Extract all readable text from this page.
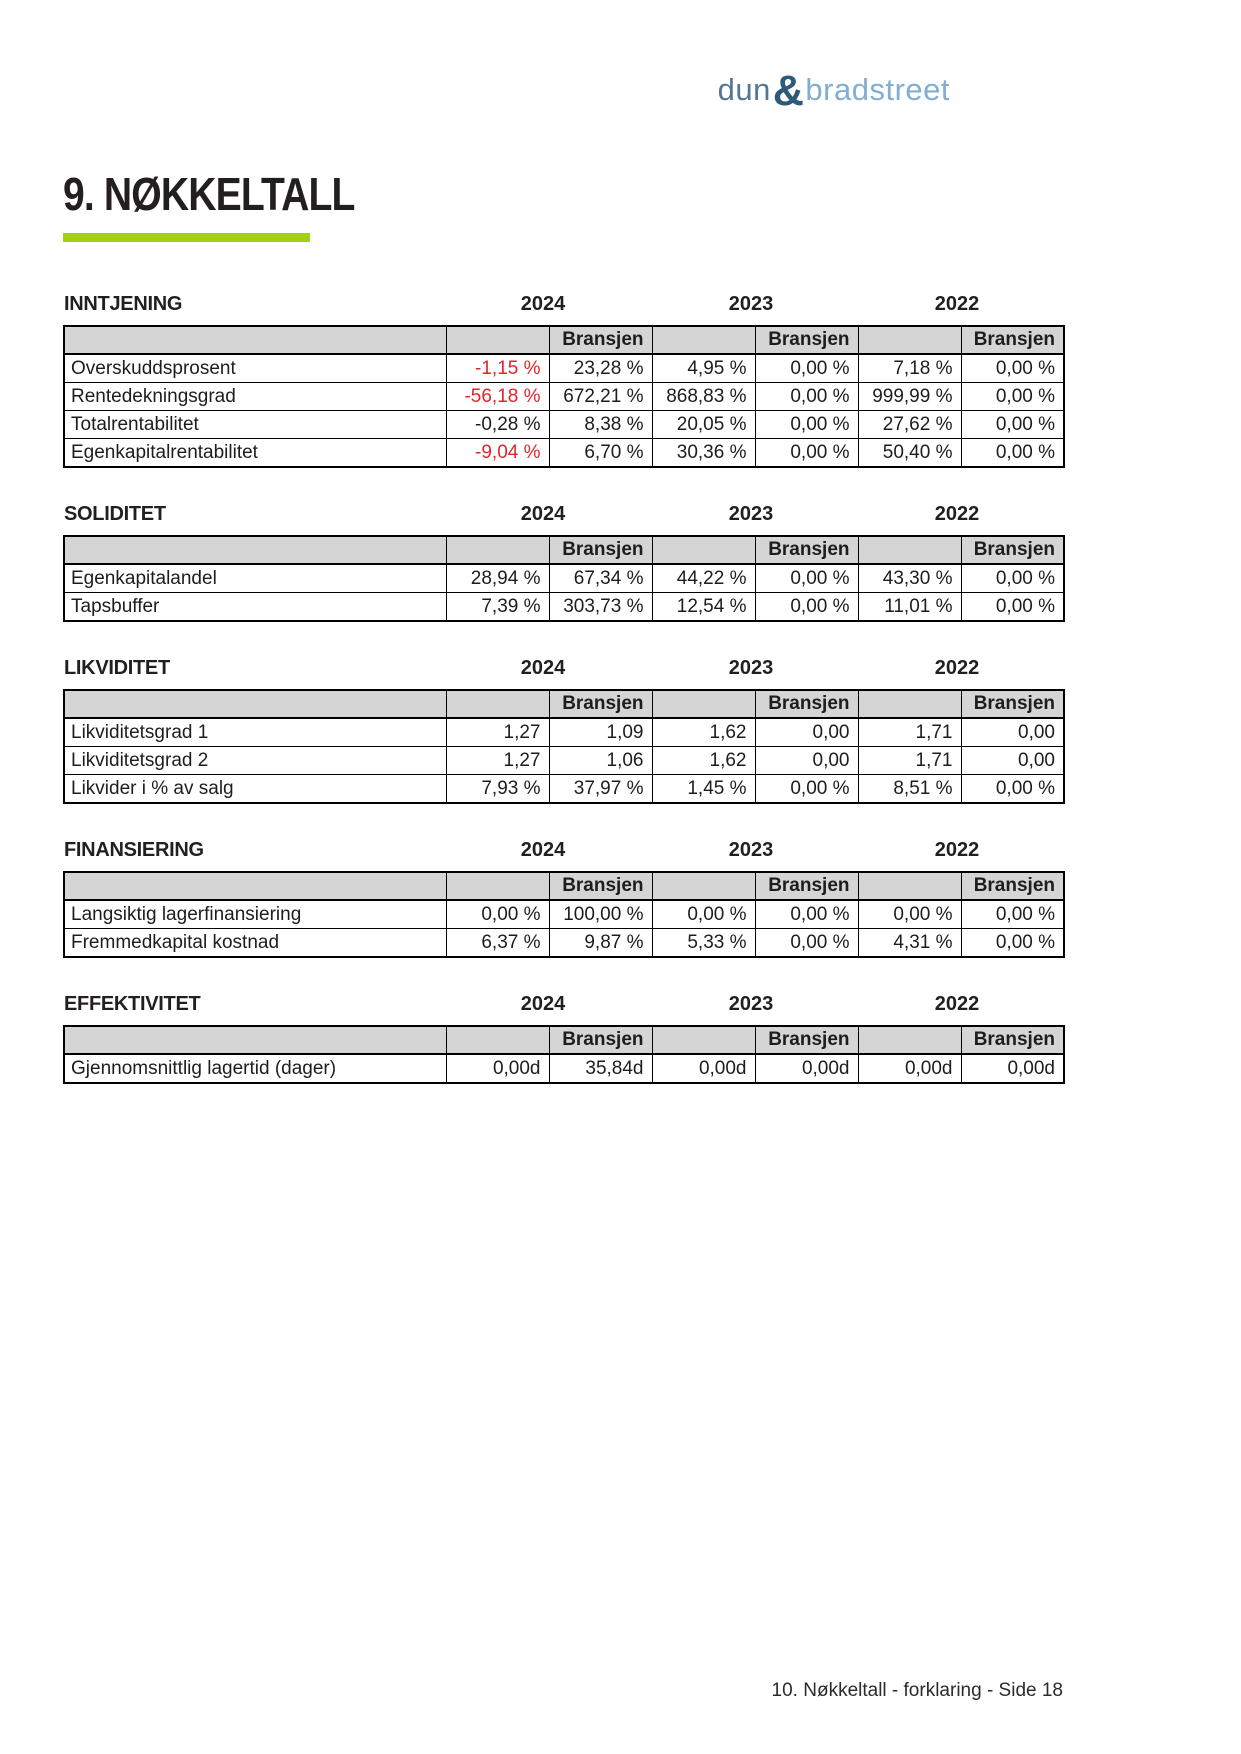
dun&bradstreet
9. NØKKELTALL
INNTJENING	2024	2023	2022
		Bransjen		Bransjen		Bransjen
Overskuddsprosent	-1,15 %	23,28 %	4,95 %	0,00 %	7,18 %	0,00 %
Rentedekningsgrad	-56,18 %	672,21 %	868,83 %	0,00 %	999,99 %	0,00 %
Totalrentabilitet	-0,28 %	8,38 %	20,05 %	0,00 %	27,62 %	0,00 %
Egenkapitalrentabilitet	-9,04 %	6,70 %	30,36 %	0,00 %	50,40 %	0,00 %
SOLIDITET	2024	2023	2022
		Bransjen		Bransjen		Bransjen
Egenkapitalandel	28,94 %	67,34 %	44,22 %	0,00 %	43,30 %	0,00 %
Tapsbuffer	7,39 %	303,73 %	12,54 %	0,00 %	11,01 %	0,00 %
LIKVIDITET	2024	2023	2022
		Bransjen		Bransjen		Bransjen
Likviditetsgrad 1	1,27	1,09	1,62	0,00	1,71	0,00
Likviditetsgrad 2	1,27	1,06	1,62	0,00	1,71	0,00
Likvider i % av salg	7,93 %	37,97 %	1,45 %	0,00 %	8,51 %	0,00 %
FINANSIERING	2024	2023	2022
		Bransjen		Bransjen		Bransjen
Langsiktig lagerfinansiering	0,00 %	100,00 %	0,00 %	0,00 %	0,00 %	0,00 %
Fremmedkapital kostnad	6,37 %	9,87 %	5,33 %	0,00 %	4,31 %	0,00 %
EFFEKTIVITET	2024	2023	2022
		Bransjen		Bransjen		Bransjen
Gjennomsnittlig lagertid (dager)	0,00d	35,84d	0,00d	0,00d	0,00d	0,00d
10. Nøkkeltall - forklaring - Side 18
